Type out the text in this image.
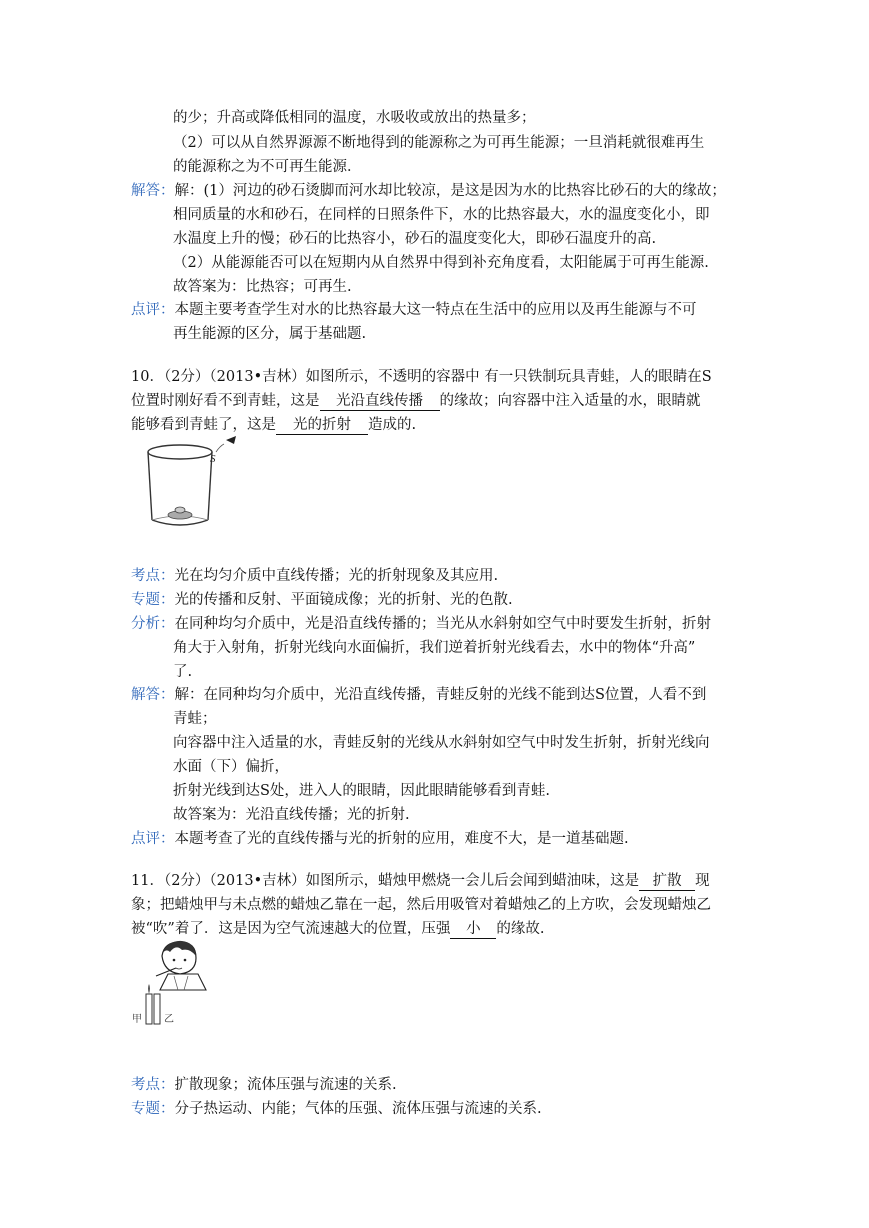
的少；升高或降低相同的温度，水吸收或放出的热量多；
（2）可以从自然界源源不断地得到的能源称之为可再生能源；一旦消耗就很难再生
的能源称之为不可再生能源．
解答：解：(1）河边的砂石烫脚而河水却比较凉，是这是因为水的比热容比砂石的大的缘故；
相同质量的水和砂石，在同样的日照条件下，水的比热容最大，水的温度变化小，即
水温度上升的慢；砂石的比热容小，砂石的温度变化大，即砂石温度升的高.
（2）从能源能否可以在短期内从自然界中得到补充角度看，太阳能属于可再生能源.
故答案为：比热容；可再生.
点评：本题主要考查学生对水的比热容最大这一特点在生活中的应用以及再生能源与不可
再生能源的区分，属于基础题.
10．（2分）（2013•吉林）如图所示，不透明的容器中 有一只铁制玩具青蛙，人的眼睛在S
位置时刚好看不到青蛙，这是 光沿直线传播 的缘故；向容器中注入适量的水，眼睛就
能够看到青蛙了，这是 光的折射 造成的.
考点：光在均匀介质中直线传播；光的折射现象及其应用.
专题：光的传播和反射、平面镜成像；光的折射、光的色散.
分析：在同种均匀介质中，光是沿直线传播的；当光从水斜射如空气中时要发生折射，折射
角大于入射角，折射光线向水面偏折，我们逆着折射光线看去，水中的物体“升高”
了.
解答：解：在同种均匀介质中，光沿直线传播，青蛙反射的光线不能到达S位置，人看不到
青蛙；
向容器中注入适量的水，青蛙反射的光线从水斜射如空气中时发生折射，折射光线向
水面（下）偏折，
折射光线到达S处，进入人的眼睛，因此眼睛能够看到青蛙.
故答案为：光沿直线传播；光的折射.
点评：本题考查了光的直线传播与光的折射的应用，难度不大，是一道基础题.
11．（2分）（2013•吉林）如图所示，蜡烛甲燃烧一会儿后会闻到蜡油味，这是 扩散 现
象；把蜡烛甲与未点燃的蜡烛乙靠在一起，然后用吸管对着蜡烛乙的上方吹，会发现蜡烛乙
被“吹”着了．这是因为空气流速越大的位置，压强 小 的缘故.
考点：扩散现象；流体压强与流速的关系.
专题：分子热运动、内能；气体的压强、流体压强与流速的关系.
S
甲 乙
